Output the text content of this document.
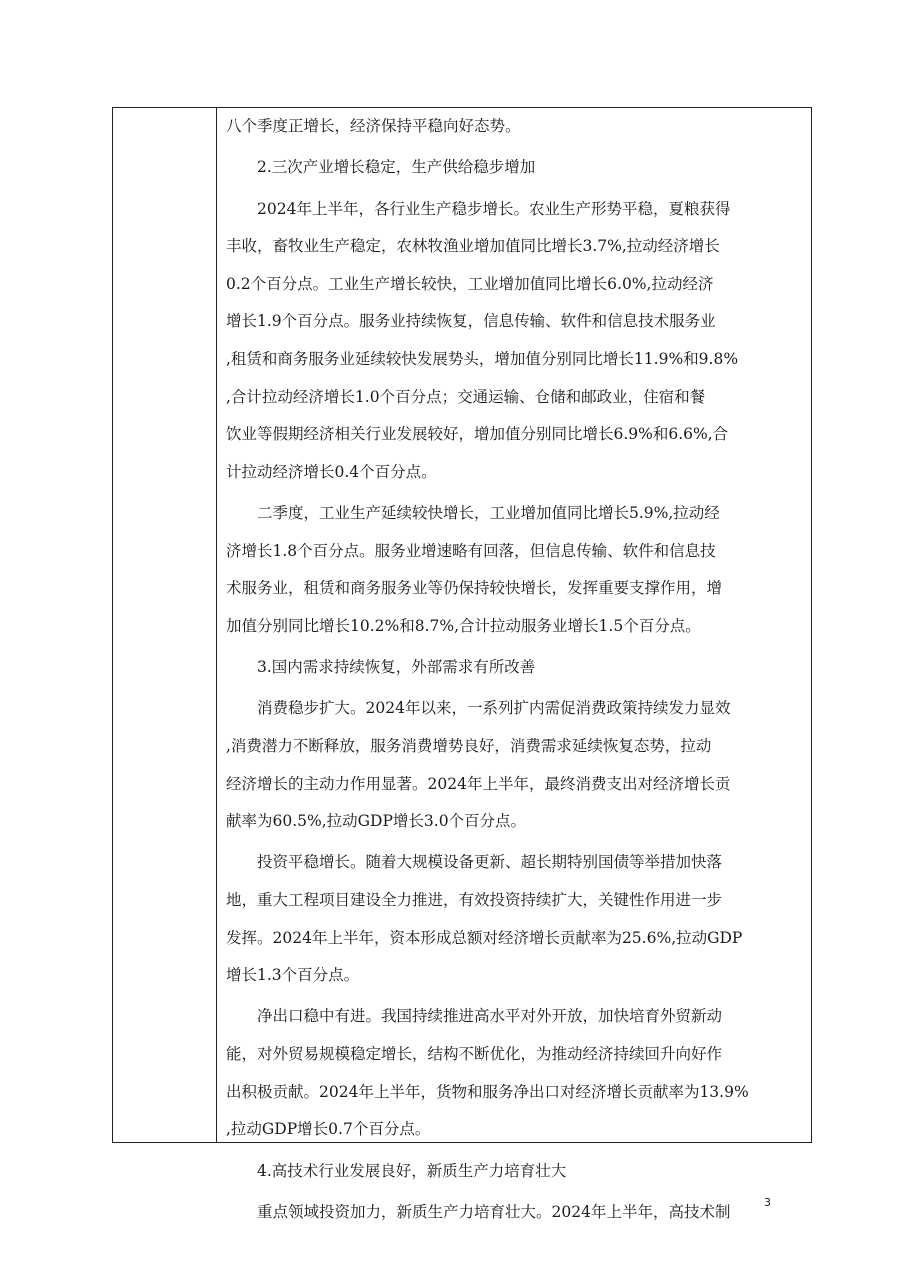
八个季度正增长，经济保持平稳向好态势。
　　2.三次产业增长稳定，生产供给稳步增加
　　2024年上半年，各行业生产稳步增长。农业生产形势平稳，夏粮获得
丰收，畜牧业生产稳定，农林牧渔业增加值同比增长3.7%,拉动经济增长
0.2个百分点。工业生产增长较快，工业增加值同比增长6.0%,拉动经济
增长1.9个百分点。服务业持续恢复，信息传输、软件和信息技术服务业
,租赁和商务服务业延续较快发展势头，增加值分别同比增长11.9%和9.8%
,合计拉动经济增长1.0个百分点；交通运输、仓储和邮政业，住宿和餐
饮业等假期经济相关行业发展较好，增加值分别同比增长6.9%和6.6%,合
计拉动经济增长0.4个百分点。
　　二季度，工业生产延续较快增长，工业增加值同比增长5.9%,拉动经
济增长1.8个百分点。服务业增速略有回落，但信息传输、软件和信息技
术服务业，租赁和商务服务业等仍保持较快增长，发挥重要支撑作用，增
加值分别同比增长10.2%和8.7%,合计拉动服务业增长1.5个百分点。
　　3.国内需求持续恢复，外部需求有所改善
　　消费稳步扩大。2024年以来，一系列扩内需促消费政策持续发力显效
,消费潜力不断释放，服务消费增势良好，消费需求延续恢复态势，拉动
经济增长的主动力作用显著。2024年上半年，最终消费支出对经济增长贡
献率为60.5%,拉动GDP增长3.0个百分点。
　　投资平稳增长。随着大规模设备更新、超长期特别国债等举措加快落
地，重大工程项目建设全力推进，有效投资持续扩大，关键性作用进一步
发挥。2024年上半年，资本形成总额对经济增长贡献率为25.6%,拉动GDP
增长1.3个百分点。
　　净出口稳中有进。我国持续推进高水平对外开放，加快培育外贸新动
能，对外贸易规模稳定增长，结构不断优化，为推动经济持续回升向好作
出积极贡献。2024年上半年，货物和服务净出口对经济增长贡献率为13.9%
,拉动GDP增长0.7个百分点。
　　4.高技术行业发展良好，新质生产力培育壮大
　　重点领域投资加力，新质生产力培育壮大。2024年上半年，高技术制
3
